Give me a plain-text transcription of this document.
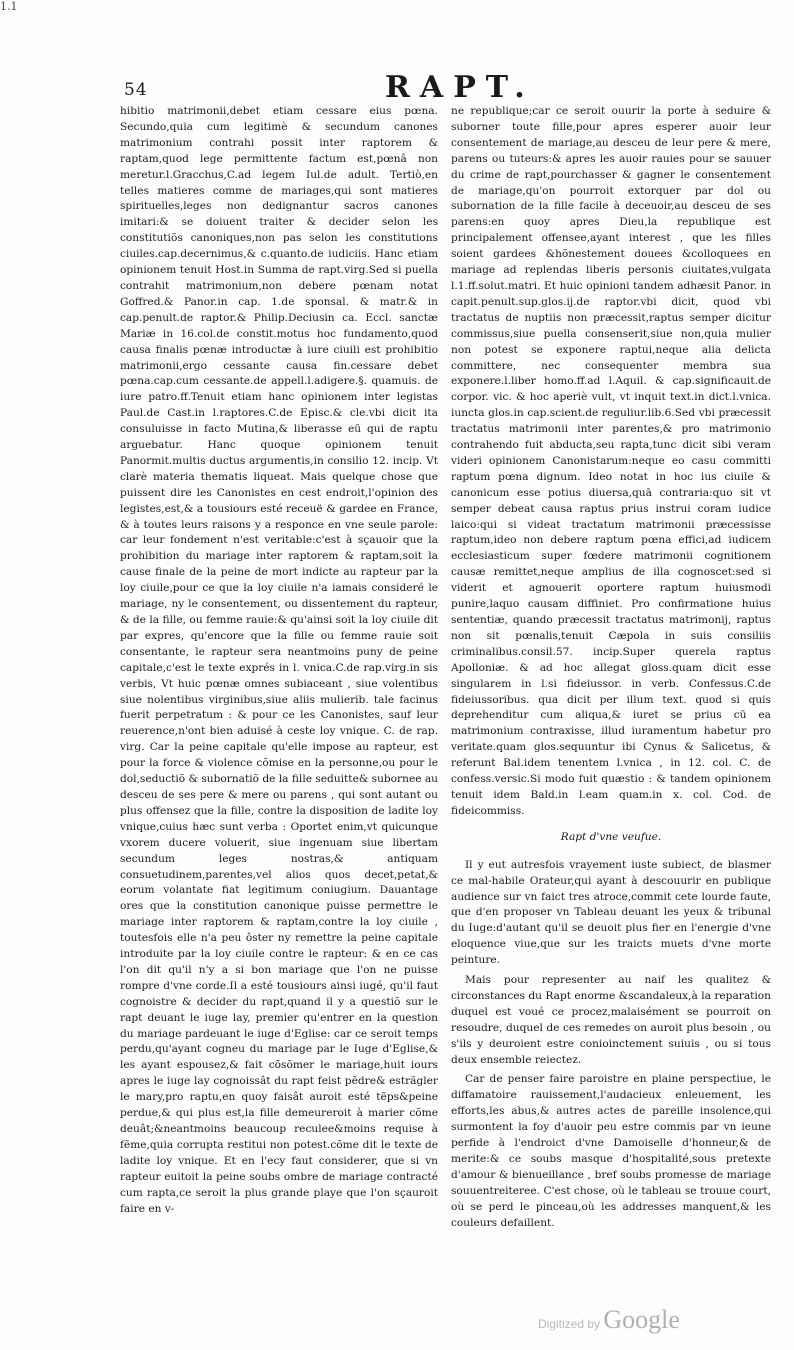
1.1
54	RAPT.

hibitio matrimonii,debet etiam cessare eius pœna. Secundo,quia cum legitimè & secundum canones matrimonium contrahi possit inter raptorem & raptam,quod lege permittente factum est,pœnâ non meretur.l.Gracchus,C.ad legem Iul.de adult. Tertiò,en telles matieres comme de mariages,qui sont matieres spirituelles,leges non dedignantur sacros canones imitari:& se doiuent traiter & decider selon les constitutiõs canoniques,non pas selon les constitutions ciuiles.cap.decernimus,& c.quanto.de iudiciis. Hanc etiam opinionem tenuit Host.in Summa de rapt.virg.Sed si puella contrahit matrimonium,non debere pœnam notat Goffred.& Panor.in cap. 1.de sponsal. & matr.& in cap.penult.de raptor.& Philip.Deciusin ca. Eccl. sanctæ Mariæ in 16.col.de constit.motus hoc fundamento,quod causa finalis pœnæ introductæ à iure ciuili est prohibitio matrimonii,ergo cessante causa fin.cessare debet pœna.cap.cum cessante.de appell.l.adigere.§. quamuis. de iure patro.ff.Tenuit etiam hanc opinionem inter legistas Paul.de Cast.in l.raptores.C.de Episc.& cle.vbi dicit ita consuluisse in facto Mutina,& liberasse eū qui de raptu arguebatur. Hanc quoque opinionem tenuit Panormit.multis ductus argumentis,in consilio 12. incip. Vt clarè materia thematis liqueat. Mais quelque chose que puissent dire les Canonistes en cest endroit,l'opinion des legistes,est,& a tousiours esté receuë & gardee en France, & à toutes leurs raisons y a responce en vne seule parole: car leur fondement n'est veritable:c'est à sçauoir que la prohibition du mariage inter raptorem & raptam,soit la cause finale de la peine de mort indicte au rapteur par la loy ciuile,pour ce que la loy ciuile n'a iamais consideré le mariage, ny le consentement, ou dissentement du rapteur, & de la fille, ou femme rauie:& qu'ainsi soit la loy ciuile dit par expres, qu'encore que la fille ou femme rauie soit consentante, le rapteur sera neantmoins puny de peine capitale,c'est le texte exprés in l. vnica.C.de rap.virg.in sis verbis, Vt huic pœnæ omnes subiaceant , siue volentibus siue nolentibus virginibus,siue aliis mulierib. tale facinus fuerit perpetratum : & pour ce les Canonistes, sauf leur reuerence,n'ont bien aduisé à ceste loy vnique. C. de rap. virg. Car la peine capitale qu'elle impose au rapteur, est pour la force & violence cõmise en la personne,ou pour le dol,seductiõ & subornatiõ de la fille seduitte& subornee au desceu de ses pere & mere ou parens , qui sont autant ou plus offensez que la fille, contre la disposition de ladite loy vnique,cuius hæc sunt verba : Oportet enim,vt quicunque vxorem ducere voluerit, siue ingenuam siue libertam secundum leges nostras,& antiquam consuetudinem,parentes,vel alios quos decet,petat,& eorum volantate fiat legitimum coniugium. Dauantage ores que la constitution canonique puisse permettre le mariage inter raptorem & raptam,contre la loy ciuile , toutesfois elle n'a peu ôster ny remettre la peine capitale introduite par la loy ciuile contre le rapteur: & en ce cas l'on dit qu'il n'y a si bon mariage que l'on ne puisse rompre d'vne corde.Il a esté tousiours ainsi iugé, qu'il faut cognoistre & decider du rapt,quand il y a questiõ sur le rapt deuant le iuge lay, premier qu'entrer en la question du mariage pardeuant le iuge d'Eglise: car ce seroit temps perdu,qu'ayant cogneu du mariage par le Iuge d'Eglise,& les ayant espousez,& fait cõsõmer le mariage,huit iours apres le iuge lay cognoissât du rapt feist pẽdre& estrãgler le mary,pro raptu,en quoy faisât auroit esté tẽps&peine perdue,& qui plus est,la fille demeureroit à marier cõme deuât;&neantmoins beaucoup reculee&moins requise à fẽme,quia corrupta restitui non potest.cõme dit le texte de ladite loy vnique. Et en l'ecy faut considerer, que si vn rapteur euitoit la peine soubs ombre de mariage contracté cum rapta,ce seroit la plus grande playe que l'on sçauroit faire en v-

ne republique;car ce seroit ouurir la porte à seduire & suborner toute fille,pour apres esperer auoir leur consentement de mariage,au desceu de leur pere & mere, parens ou tuteurs:& apres les auoir rauies pour se sauuer du crime de rapt,pourchasser & gagner le consentement de mariage,qu'on pourroit extorquer par dol ou subornation de la fille facile à deceuoir,au desceu de ses parens:en quoy apres Dieu,la republique est principalement offensee,ayant interest , que les filles soient gardees &hõnestement douees &colloquees en mariage ad replendas liberis personis ciuitates,vulgata l.1.ff.solut.matri. Et huic opinioni tandem adhæsit Panor. in capit.penult.sup.glos.ij.de raptor.vbi dicit, quod vbi tractatus de nuptiis non præcessit,raptus semper dicitur commissus,siue puella consenserit,siue non,quia mulier non potest se exponere raptui,neque alia delicta committere, nec consequenter membra sua exponere.l.liber homo.ff.ad l.Aquil. & cap.significauit.de corpor. vic. & hoc aperiè vult, vt inquit text.in dict.l.vnica. iuncta glos.in cap.scient.de reguliur.lib.6.Sed vbi præcessit tractatus matrimonii inter parentes,& pro matrimonio contrahendo fuit abducta,seu rapta,tunc dicit sibi veram videri opinionem Canonistarum:neque eo casu committi raptum pœna dignum. Ideo notat in hoc ius ciuile & canonicum esse potius diuersa,quā contraria:quo sit vt semper debeat causa raptus prius instrui coram iudice laico:qui si videat tractatum matrimonii præcessisse raptum,ideo non debere raptum pœna effici,ad iudicem ecclesiasticum super fœdere matrimonii cognitionem causæ remittet,neque amplius de illa cognoscet:sed si viderit et agnouerit oportere raptum huiusmodi punire,laquo causam diffiniet. Pro confirmatione huius sententiæ, quando præcessit tractatus matrimonij, raptus non sit pœnalis,tenuit Cæpola in suis consiliis criminalibus.consil.57. incip.Super querela raptus Apolloniæ. & ad hoc allegat gloss.quam dicit esse singularem in l.si fideiussor. in verb. Confessus.C.de fideiussoribus. qua dicit per illum text. quod si quis deprehenditur cum aliqua,& iuret se prius cū ea matrimonium contraxisse, illud iuramentum habetur pro veritate.quam glos.sequuntur ibi Cynus & Salicetus, & referunt Bal.idem tenentem l.vnica , in 12. col. C. de confess.versic.Si modo fuit quæstio : & tandem opinionem tenuit idem Bald.in l.eam quam.in x. col. Cod. de fideicommiss.

Rapt d'vne veufue.

Il y eut autresfois vrayement iuste subiect, de blasmer ce mal-habile Orateur,qui ayant à descouurir en publique audience sur vn faict tres atroce,commit cete lourde faute, que d'en proposer vn Tableau deuant les yeux & tribunal du Iuge:d'autant qu'il se deuoit plus fier en l'energie d'vne eloquence viue,que sur les traicts muets d'vne morte peinture.

Mais pour representer au naif les qualitez & circonstances du Rapt enorme &scandaleux,à la reparation duquel est voué ce procez,malaisément se pourroit on resoudre, duquel de ces remedes on auroit plus besoin , ou s'ils y deuroient estre conioinctement suiuis , ou si tous deux ensemble reiectez.

Car de penser faire paroistre en plaine perspectiue, le diffamatoire rauissement,l'audacieux enleuement, les efforts,les abus,& autres actes de pareille insolence,qui surmontent la foy d'auoir peu estre commis par vn ieune perfide à l'endroict d'vne Damoiselle d'honneur,& de merite:& ce soubs masque d'hospitalité,sous pretexte d'amour & bienueillance , bref soubs promesse de mariage souuentreiteree. C'est chose, où le tableau se trouue court, où se perd le pinceau,où les addresses manquent,& les couleurs defaillent.

Digitized by Google
